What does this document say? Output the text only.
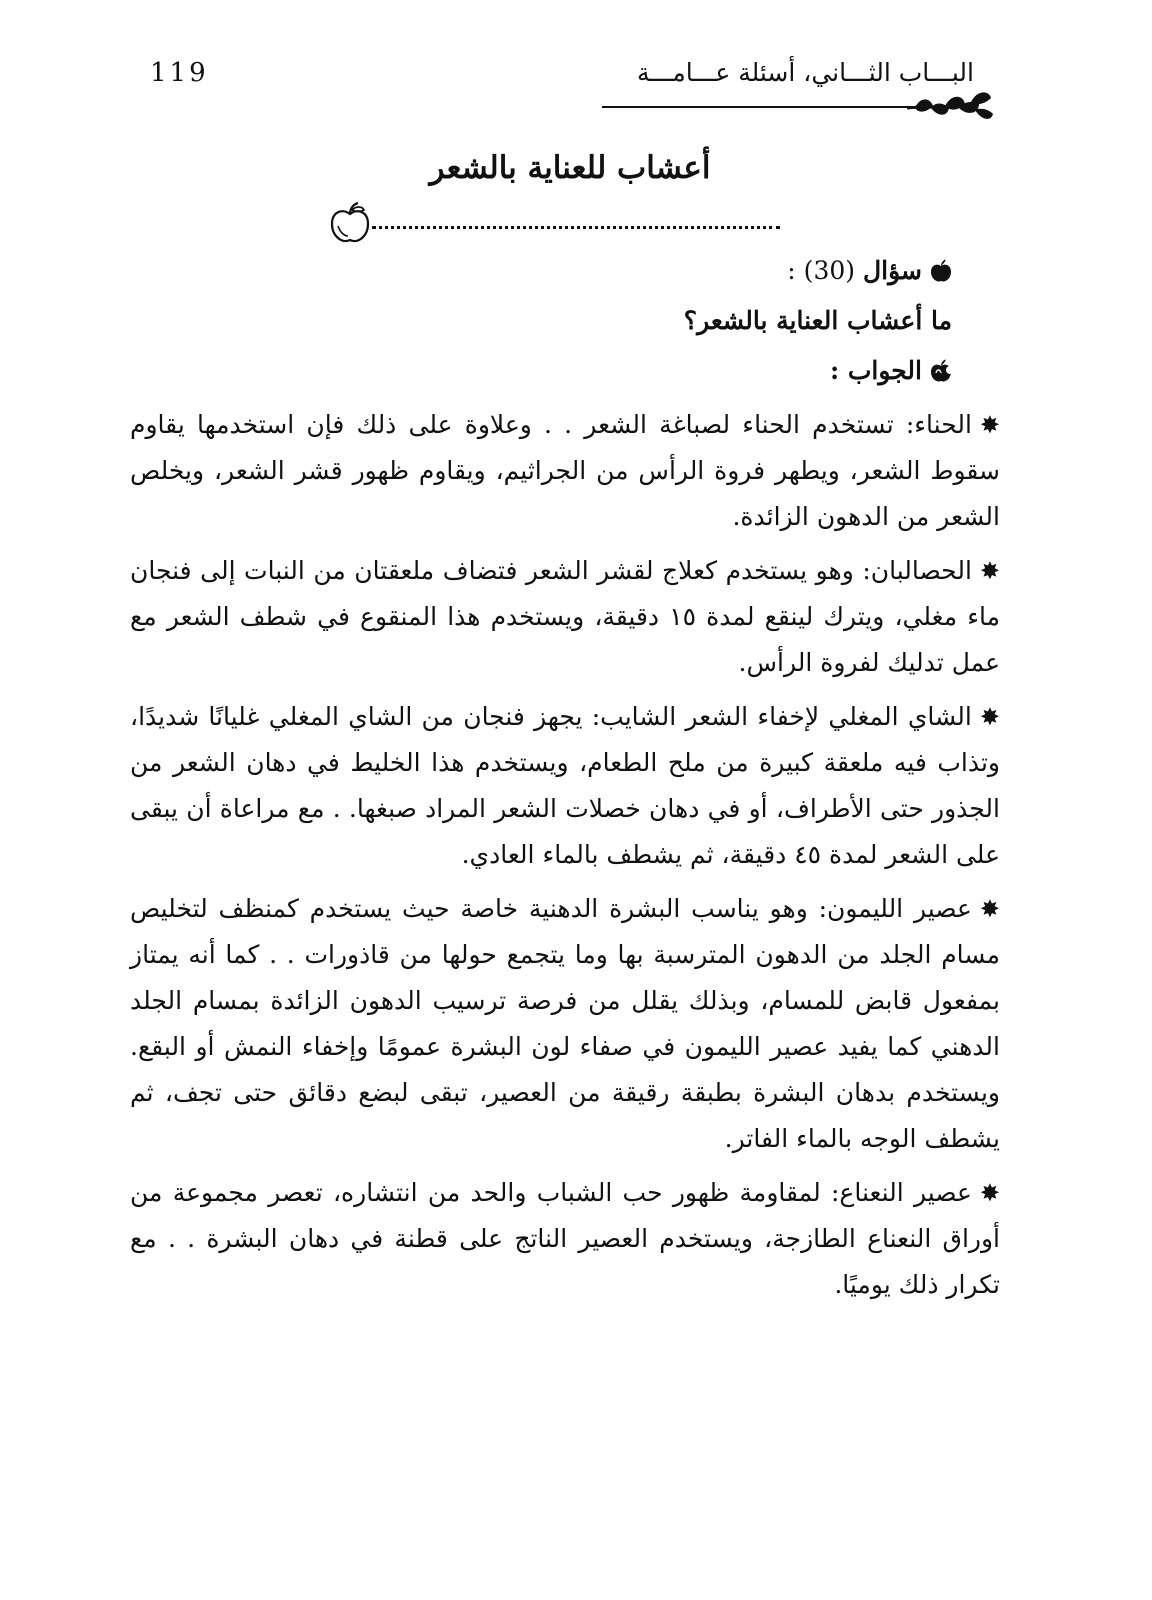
119	البـــاب الثـــاني، أسئلة عـــامـــة
أعشاب للعناية بالشعر
سؤال
(30)
:
ما أعشاب العناية بالشعر؟
الجواب :

✸الحناء: تستخدم الحناء لصباغة الشعر . . وعلاوة على ذلك فإن استخدمها يقاوم سقوط الشعر، ويطهر فروة الرأس من الجراثيم، ويقاوم ظهور قشر الشعر، ويخلص الشعر من الدهون الزائدة.

✸الحصالبان: وهو يستخدم كعلاج لقشر الشعر فتضاف ملعقتان من النبات إلى فنجان ماء مغلي، ويترك لينقع لمدة ١٥ دقيقة، ويستخدم هذا المنقوع في شطف الشعر مع عمل تدليك لفروة الرأس.

✸الشاي المغلي لإخفاء الشعر الشايب: يجهز فنجان من الشاي المغلي غليانًا شديدًا، وتذاب فيه ملعقة كبيرة من ملح الطعام، ويستخدم هذا الخليط في دهان الشعر من الجذور حتى الأطراف، أو في دهان خصلات الشعر المراد صبغها. . مع مراعاة أن يبقى على الشعر لمدة ٤٥ دقيقة، ثم يشطف بالماء العادي.

✸عصير الليمون: وهو يناسب البشرة الدهنية خاصة حيث يستخدم كمنظف لتخليص مسام الجلد من الدهون المترسبة بها وما يتجمع حولها من قاذورات . . كما أنه يمتاز بمفعول قابض للمسام، وبذلك يقلل من فرصة ترسيب الدهون الزائدة بمسام الجلد الدهني كما يفيد عصير الليمون في صفاء لون البشرة عمومًا وإخفاء النمش أو البقع. ويستخدم بدهان البشرة بطبقة رقيقة من العصير، تبقى لبضع دقائق حتى تجف، ثم يشطف الوجه بالماء الفاتر.

✸عصير النعناع: لمقاومة ظهور حب الشباب والحد من انتشاره، تعصر مجموعة من أوراق النعناع الطازجة، ويستخدم العصير الناتج على قطنة في دهان البشرة . . مع تكرار ذلك يوميًا.
